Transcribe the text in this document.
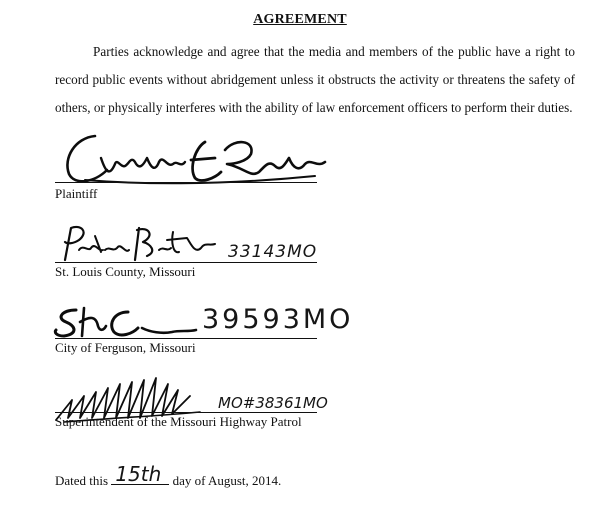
AGREEMENT

Parties acknowledge and agree that the media and members of the public have a right to record public events without abridgement unless it obstructs the activity or threatens the safety of others, or physically interferes with the ability of law enforcement officers to perform their duties.

Plaintiff
33143MO
St. Louis County, Missouri
39593MO
City of Ferguson, Missouri
MO#38361MO
Superintendent of the Missouri Highway Patrol
Dated this 15th day of August, 2014.
